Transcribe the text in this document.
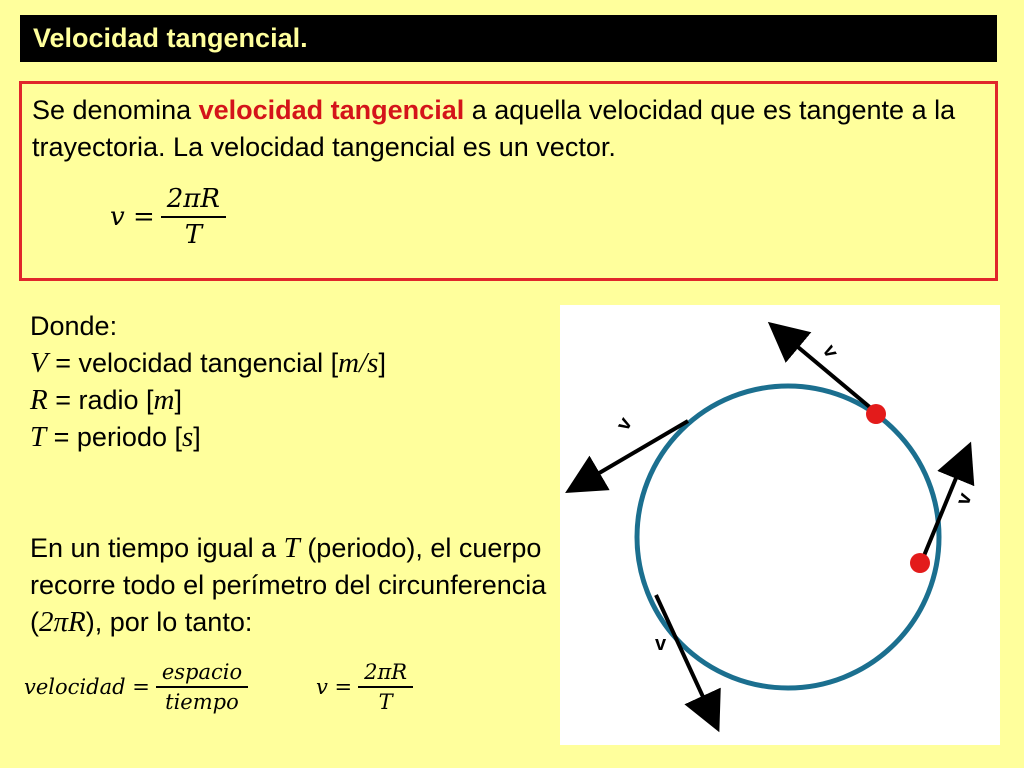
Velocidad tangencial.
Se denomina velocidad tangencial a aquella velocidad que es tangente a la trayectoria. La velocidad tangencial es un vector.
$v = \frac{2\pi R}{T}$
Donde:
V = velocidad tangencial [m/s]
R = radio [m]
T = periodo [s]
En un tiempo igual a T (periodo), el cuerpo recorre todo el perímetro del circunferencia (2πR), por lo tanto:
velocidad = $\frac{\text{espacio}}{\text{tiempo}}$	$v = \frac{2\pi R}{T}$
v
v
v
v
